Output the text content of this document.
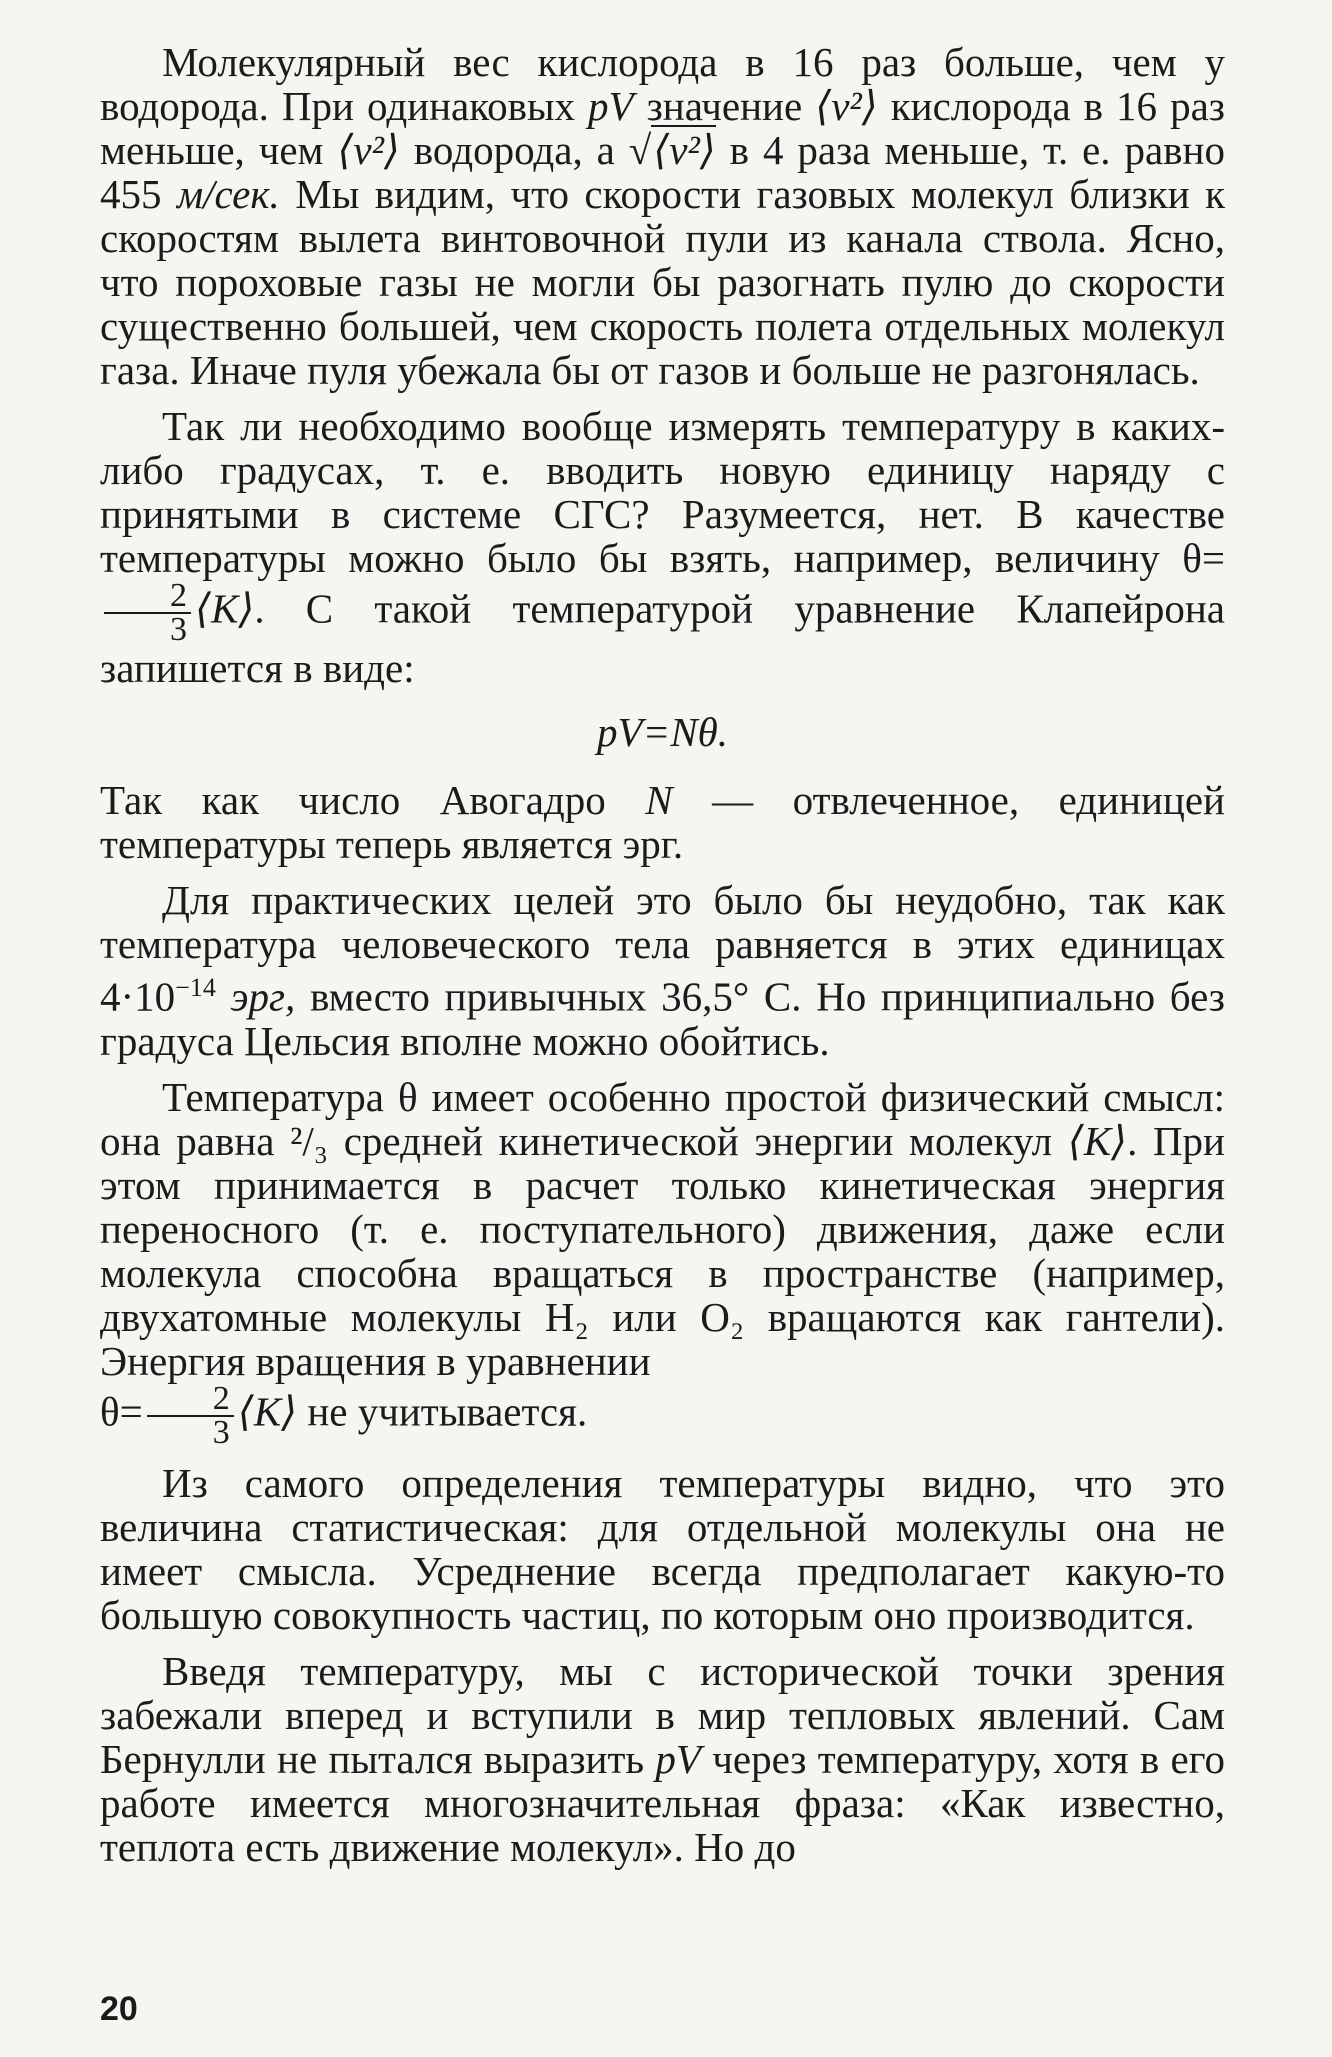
Молекулярный вес кислорода в 16 раз больше, чем у водорода. При одинаковых pV значение ⟨v²⟩ кислорода в 16 раз меньше, чем ⟨v²⟩ водорода, а √⟨v²⟩ в 4 раза меньше, т. е. равно 455 м/сек. Мы видим, что скорости газовых молекул близки к скоростям вылета винтовочной пули из канала ствола. Ясно, что пороховые газы не могли бы разогнать пулю до скорости существенно большей, чем скорость полета отдельных молекул газа. Иначе пуля убежала бы от газов и больше не разгонялась.

Так ли необходимо вообще измерять температуру в каких-либо градусах, т. е. вводить новую единицу наряду с принятыми в системе СГС? Разумеется, нет. В качестве температуры можно было бы взять, например, величину θ=
$\frac{2}{3}$ ⟨K⟩. С такой температурой уравнение Клапейрона запишется в виде:

pV=Nθ.

Так как число Авогадро N — отвлеченное, единицей температуры теперь является эрг.

Для практических целей это было бы неудобно, так как температура человеческого тела равняется в этих единицах $4\cdot 10^{-14}$ эрг, вместо привычных 36,5° С. Но принципиально без градуса Цельсия вполне можно обойтись.

Температура θ имеет особенно простой физический смысл: она равна ²/₃ средней кинетической энергии молекул ⟨K⟩. При этом принимается в расчет только кинетическая энергия переносного (т. е. поступательного) движения, даже если молекула способна вращаться в пространстве (например, двухатомные молекулы H₂ или O₂ вращаются как гантели). Энергия вращения в уравнении
$\theta= \frac{2}{3}$ ⟨K⟩ не учитывается.

Из самого определения температуры видно, что это величина статистическая: для отдельной молекулы она не имеет смысла. Усреднение всегда предполагает какую-то большую совокупность частиц, по которым оно производится.

Введя температуру, мы с исторической точки зрения забежали вперед и вступили в мир тепловых явлений. Сам Бернулли не пытался выразить pV через температуру, хотя в его работе имеется многозначительная фраза: «Как известно, теплота есть движение молекул». Но до

20
